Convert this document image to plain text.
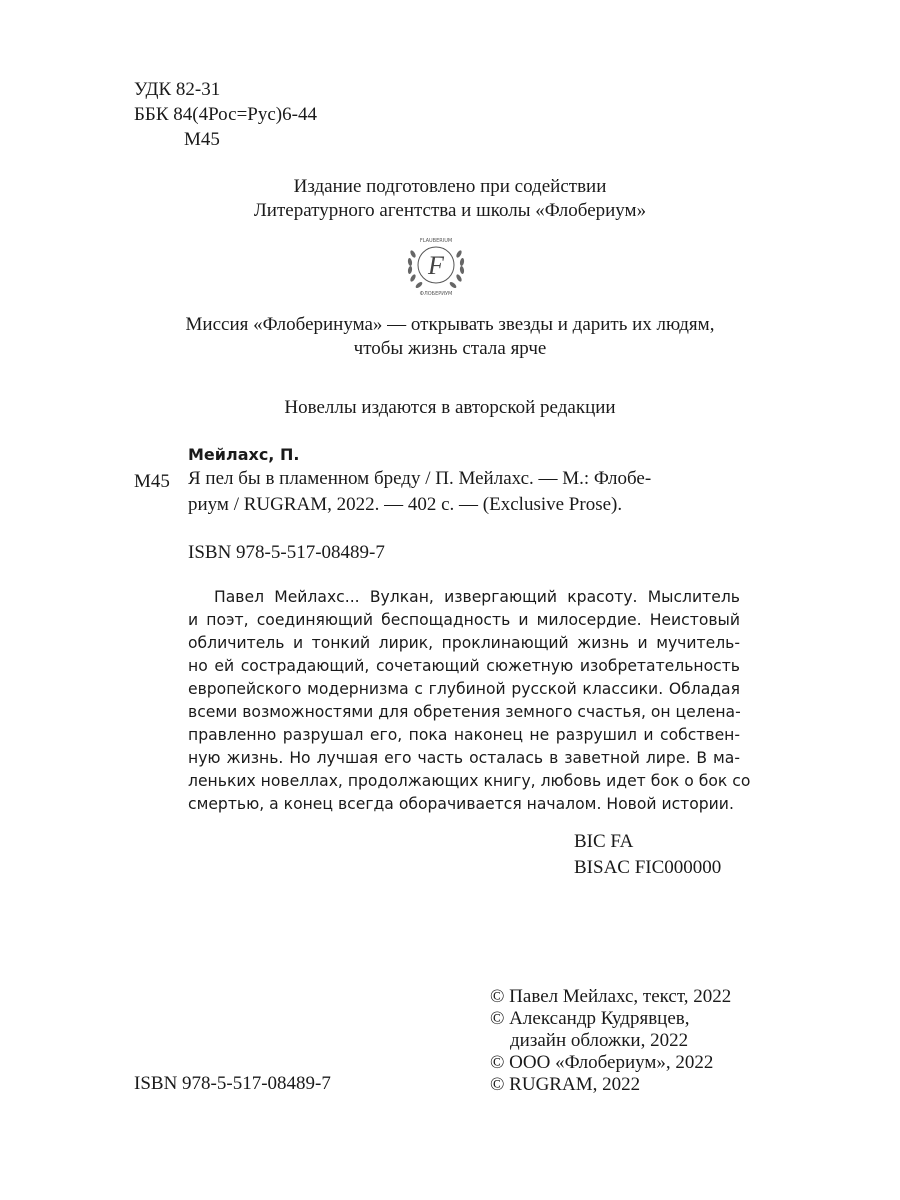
УДК 82-31
ББК 84(4Рос=Рус)6-44
М45
Издание подготовлено при содействии
Литературного агентства и школы «Флобериум»
F
FLAUBERIUM
ФЛОБЕРИУМ
Миссия «Флоберинума» — открывать звезды и дарить их людям,
чтобы жизнь стала ярче
Новеллы издаются в авторской редакции
Мейлахс, П.
М45 Я пел бы в пламенном бреду / П. Мейлахс. — М.: Флобе-
риум / RUGRAM, 2022. — 402 с. — (Exclusive Prose).
ISBN 978-5-517-08489-7
Павел Мейлахс... Вулкан, извергающий красоту. Мыслитель
и поэт, соединяющий беспощадность и милосердие. Неистовый
обличитель и тонкий лирик, проклинающий жизнь и мучитель-
но ей сострадающий, сочетающий сюжетную изобретательность
европейского модернизма с глубиной русской классики. Обладая
всеми возможностями для обретения земного счастья, он целена-
правленно разрушал его, пока наконец не разрушил и собствен-
ную жизнь. Но лучшая его часть осталась в заветной лире. В ма-
леньких новеллах, продолжающих книгу, любовь идет бок о бок со
смертью, а конец всегда оборачивается началом. Новой истории.
BIC FA
BISAC FIC000000
ISBN 978-5-517-08489-7
© Павел Мейлахс, текст, 2022
© Александр Кудрявцев,
дизайн обложки, 2022
© ООО «Флобериум», 2022
© RUGRAM, 2022
